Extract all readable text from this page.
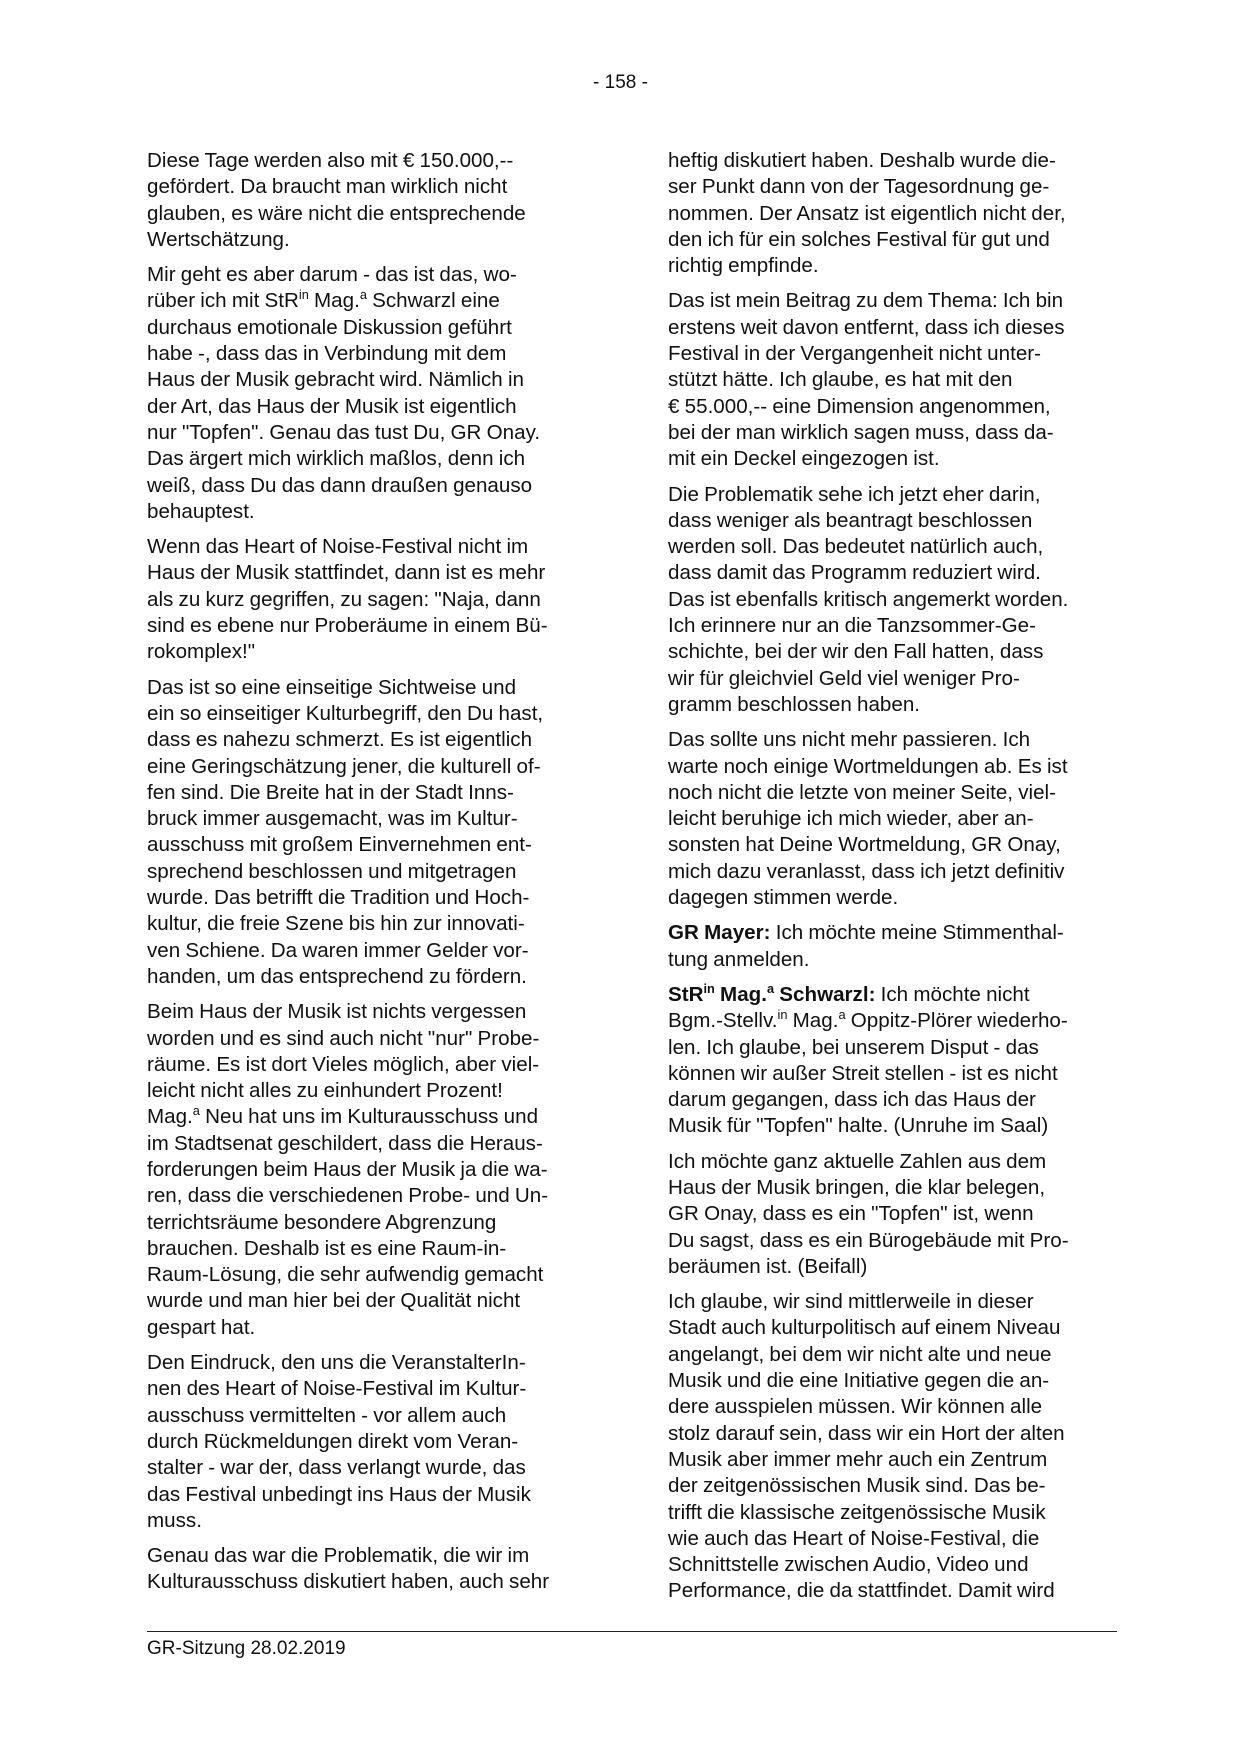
- 158 -

Diese Tage werden also mit € 150.000,--
gefördert. Da braucht man wirklich nicht
glauben, es wäre nicht die entsprechende
Wertschätzung.

Mir geht es aber darum - das ist das, wo-
rüber ich mit StR$^{in}$ Mag.$^a$ Schwarzl eine
durchaus emotionale Diskussion geführt
habe -, dass das in Verbindung mit dem
Haus der Musik gebracht wird. Nämlich in
der Art, das Haus der Musik ist eigentlich
nur "Topfen". Genau das tust Du, GR Onay.
Das ärgert mich wirklich maßlos, denn ich
weiß, dass Du das dann draußen genauso
behauptest.

Wenn das Heart of Noise-Festival nicht im
Haus der Musik stattfindet, dann ist es mehr
als zu kurz gegriffen, zu sagen: "Naja, dann
sind es ebene nur Proberäume in einem Bü-
rokomplex!"

Das ist so eine einseitige Sichtweise und
ein so einseitiger Kulturbegriff, den Du hast,
dass es nahezu schmerzt. Es ist eigentlich
eine Geringschätzung jener, die kulturell of-
fen sind. Die Breite hat in der Stadt Inns-
bruck immer ausgemacht, was im Kultur-
ausschuss mit großem Einvernehmen ent-
sprechend beschlossen und mitgetragen
wurde. Das betrifft die Tradition und Hoch-
kultur, die freie Szene bis hin zur innovati-
ven Schiene. Da waren immer Gelder vor-
handen, um das entsprechend zu fördern.

Beim Haus der Musik ist nichts vergessen
worden und es sind auch nicht "nur" Probe-
räume. Es ist dort Vieles möglich, aber viel-
leicht nicht alles zu einhundert Prozent!
Mag.$^a$ Neu hat uns im Kulturausschuss und
im Stadtsenat geschildert, dass die Heraus-
forderungen beim Haus der Musik ja die wa-
ren, dass die verschiedenen Probe- und Un-
terrichtsräume besondere Abgrenzung
brauchen. Deshalb ist es eine Raum-in-
Raum-Lösung, die sehr aufwendig gemacht
wurde und man hier bei der Qualität nicht
gespart hat.

Den Eindruck, den uns die VeranstalterIn-
nen des Heart of Noise-Festival im Kultur-
ausschuss vermittelten - vor allem auch
durch Rückmeldungen direkt vom Veran-
stalter - war der, dass verlangt wurde, das
das Festival unbedingt ins Haus der Musik
muss.

Genau das war die Problematik, die wir im
Kulturausschuss diskutiert haben, auch sehr

heftig diskutiert haben. Deshalb wurde die-
ser Punkt dann von der Tagesordnung ge-
nommen. Der Ansatz ist eigentlich nicht der,
den ich für ein solches Festival für gut und
richtig empfinde.

Das ist mein Beitrag zu dem Thema: Ich bin
erstens weit davon entfernt, dass ich dieses
Festival in der Vergangenheit nicht unter-
stützt hätte. Ich glaube, es hat mit den
€ 55.000,-- eine Dimension angenommen,
bei der man wirklich sagen muss, dass da-
mit ein Deckel eingezogen ist.

Die Problematik sehe ich jetzt eher darin,
dass weniger als beantragt beschlossen
werden soll. Das bedeutet natürlich auch,
dass damit das Programm reduziert wird.
Das ist ebenfalls kritisch angemerkt worden.
Ich erinnere nur an die Tanzsommer-Ge-
schichte, bei der wir den Fall hatten, dass
wir für gleichviel Geld viel weniger Pro-
gramm beschlossen haben.

Das sollte uns nicht mehr passieren. Ich
warte noch einige Wortmeldungen ab. Es ist
noch nicht die letzte von meiner Seite, viel-
leicht beruhige ich mich wieder, aber an-
sonsten hat Deine Wortmeldung, GR Onay,
mich dazu veranlasst, dass ich jetzt definitiv
dagegen stimmen werde.

GR Mayer: Ich möchte meine Stimmenthal-
tung anmelden.

StR$^{in}$ Mag.$^a$ Schwarzl: Ich möchte nicht
Bgm.-Stellv.$^{in}$ Mag.$^a$ Oppitz-Plörer wiederho-
len. Ich glaube, bei unserem Disput - das
können wir außer Streit stellen - ist es nicht
darum gegangen, dass ich das Haus der
Musik für "Topfen" halte. (Unruhe im Saal)

Ich möchte ganz aktuelle Zahlen aus dem
Haus der Musik bringen, die klar belegen,
GR Onay, dass es ein "Topfen" ist, wenn
Du sagst, dass es ein Bürogebäude mit Pro-
beräumen ist. (Beifall)

Ich glaube, wir sind mittlerweile in dieser
Stadt auch kulturpolitisch auf einem Niveau
angelangt, bei dem wir nicht alte und neue
Musik und die eine Initiative gegen die an-
dere ausspielen müssen. Wir können alle
stolz darauf sein, dass wir ein Hort der alten
Musik aber immer mehr auch ein Zentrum
der zeitgenössischen Musik sind. Das be-
trifft die klassische zeitgenössische Musik
wie auch das Heart of Noise-Festival, die
Schnittstelle zwischen Audio, Video und
Performance, die da stattfindet. Damit wird

GR-Sitzung 28.02.2019
